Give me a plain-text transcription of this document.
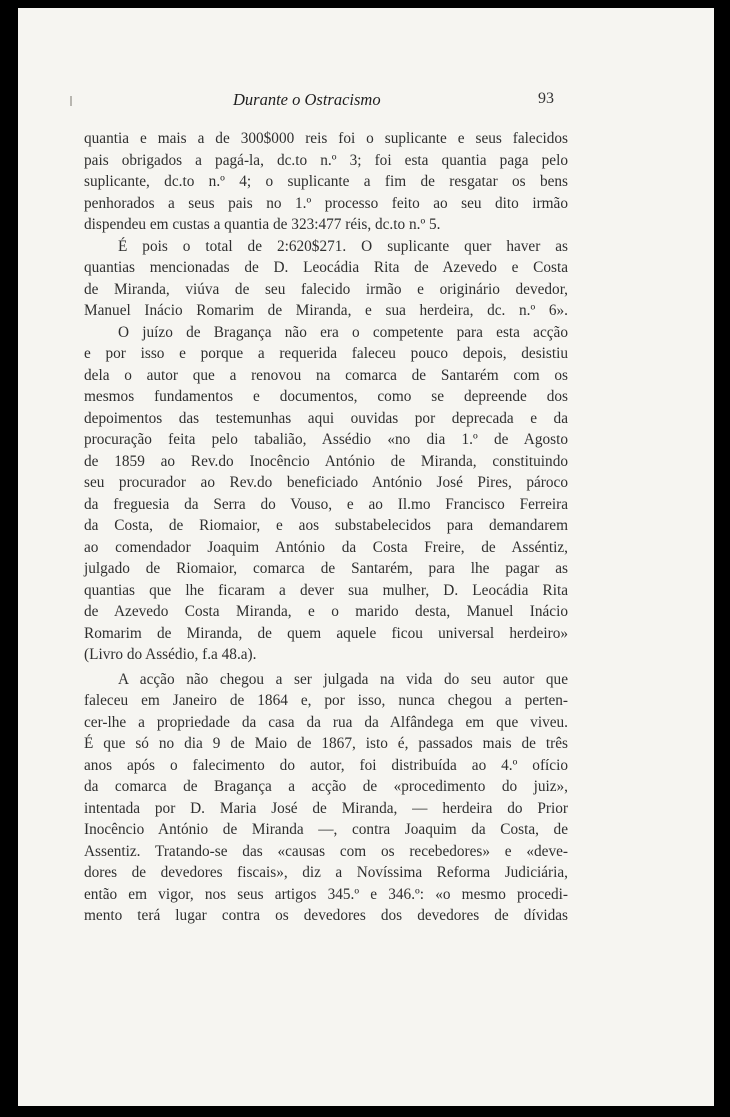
Durante o Ostracismo	93
quantia e mais a de 300$000 reis foi o suplicante e seus falecidos
pais obrigados a pagá-la, dc.to n.º 3; foi esta quantia paga pelo
suplicante, dc.to n.º 4; o suplicante a fim de resgatar os bens
penhorados a seus pais no 1.º processo feito ao seu dito irmão
dispendeu em custas a quantia de 323:477 réis, dc.to n.º 5.
É pois o total de 2:620$271. O suplicante quer haver as
quantias mencionadas de D. Leocádia Rita de Azevedo e Costa
de Miranda, viúva de seu falecido irmão e originário devedor,
Manuel Inácio Romarim de Miranda, e sua herdeira, dc. n.º 6».
O juízo de Bragança não era o competente para esta acção
e por isso e porque a requerida faleceu pouco depois, desistiu
dela o autor que a renovou na comarca de Santarém com os
mesmos fundamentos e documentos, como se depreende dos
depoimentos das testemunhas aqui ouvidas por deprecada e da
procuração feita pelo tabalião, Assédio «no dia 1.º de Agosto
de 1859 ao Rev.do Inocêncio António de Miranda, constituindo
seu procurador ao Rev.do beneficiado António José Pires, pároco
da freguesia da Serra do Vouso, e ao Il.mo Francisco Ferreira
da Costa, de Riomaior, e aos substabelecidos para demandarem
ao comendador Joaquim António da Costa Freire, de Asséntiz,
julgado de Riomaior, comarca de Santarém, para lhe pagar as
quantias que lhe ficaram a dever sua mulher, D. Leocádia Rita
de Azevedo Costa Miranda, e o marido desta, Manuel Inácio
Romarim de Miranda, de quem aquele ficou universal herdeiro»
(Livro do Assédio, f.a 48.a).
A acção não chegou a ser julgada na vida do seu autor que
faleceu em Janeiro de 1864 e, por isso, nunca chegou a perten-
cer-lhe a propriedade da casa da rua da Alfândega em que viveu.
É que só no dia 9 de Maio de 1867, isto é, passados mais de três
anos após o falecimento do autor, foi distribuída ao 4.º ofício
da comarca de Bragança a acção de «procedimento do juiz»,
intentada por D. Maria José de Miranda, — herdeira do Prior
Inocêncio António de Miranda —, contra Joaquim da Costa, de
Assentiz. Tratando-se das «causas com os recebedores» e «deve-
dores de devedores fiscais», diz a Novíssima Reforma Judiciária,
então em vigor, nos seus artigos 345.º e 346.º: «o mesmo procedi-
mento terá lugar contra os devedores dos devedores de dívidas
